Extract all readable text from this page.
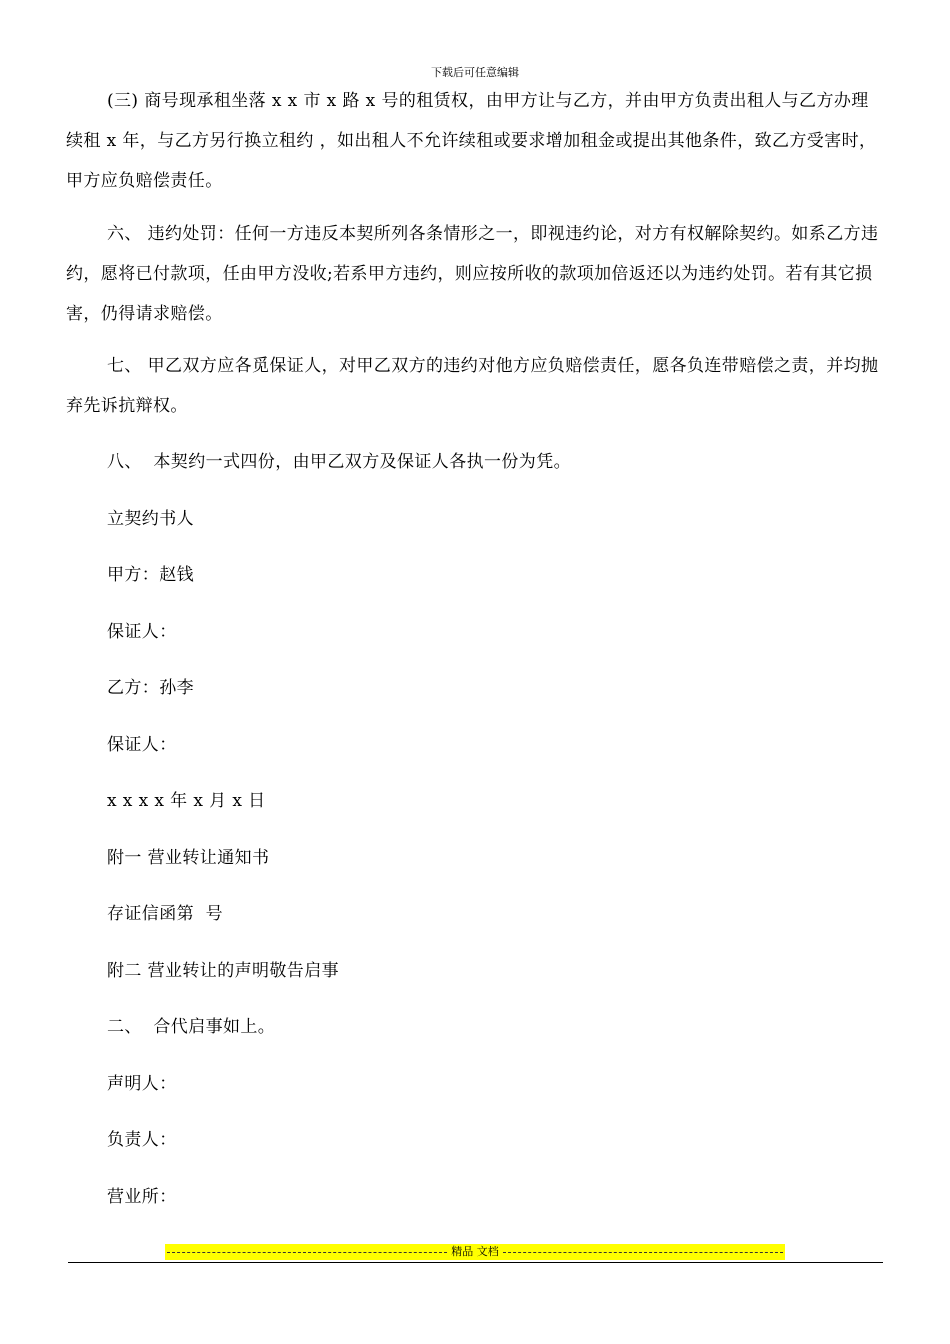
下载后可任意编辑

(三) 商号现承租坐落 x x 市 x 路 x 号的租赁权，由甲方让与乙方，并由甲方负责出租人与乙方办理续租 x 年，与乙方另行换立租约 ，如出租人不允许续租或要求增加租金或提出其他条件，致乙方受害时，甲方应负赔偿责任。

六、 违约处罚：任何一方违反本契所列各条情形之一，即视违约论，对方有权解除契约。如系乙方违约，愿将已付款项，任由甲方没收;若系甲方违约，则应按所收的款项加倍返还以为违约处罚。若有其它损害，仍得请求赔偿。

七、 甲乙双方应各觅保证人，对甲乙双方的违约对他方应负赔偿责任，愿各负连带赔偿之责，并均抛弃先诉抗辩权。

八、  本契约一式四份，由甲乙双方及保证人各执一份为凭。
立契约书人
甲方：赵钱
保证人：
乙方：孙李
保证人：
x x x x 年 x 月 x 日
附一 营业转让通知书
存证信函第  号
附二 营业转让的声明敬告启事
二、  合代启事如上。
声明人：
负责人：
营业所：
精品 文档
